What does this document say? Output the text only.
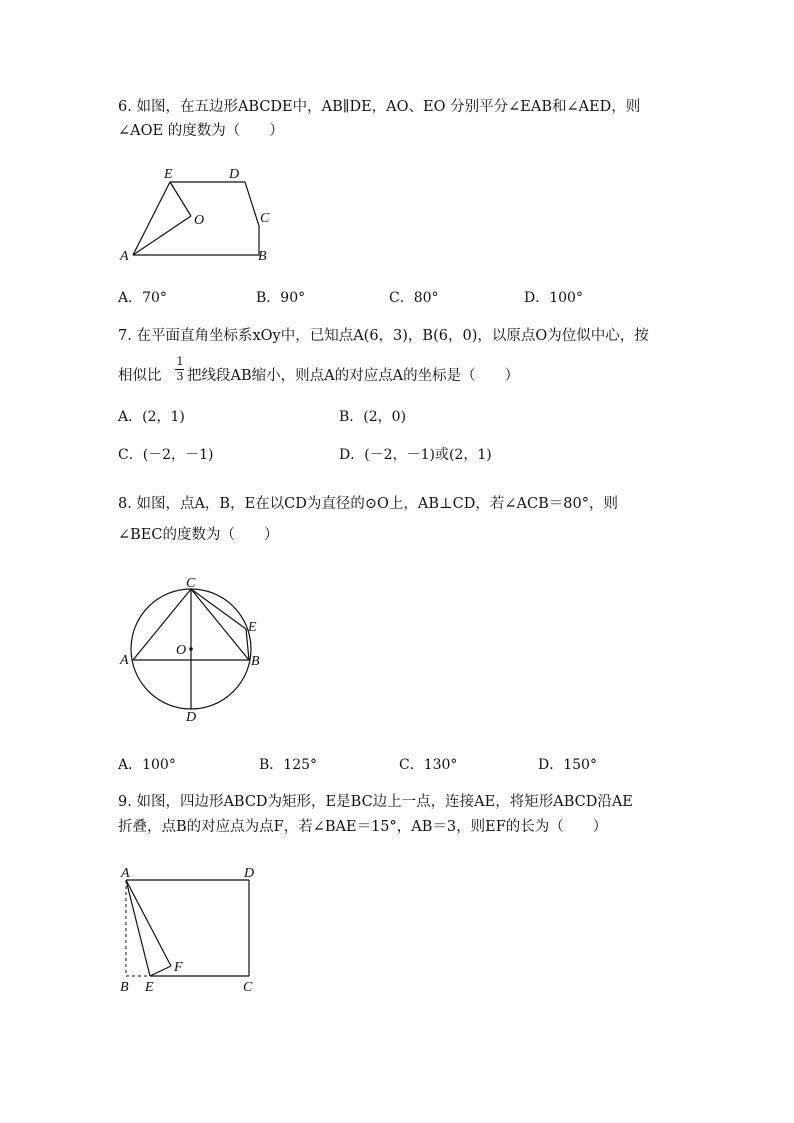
6. 如图，在五边形ABCDE中，AB∥DE，AO、EO 分别平分∠EAB和∠AED，则
∠AOE 的度数为（　　）
E	D
O	C
A	B
C
E
A
O
B
D
A	D
F
B E	C
A．70°	B．90°	C．80°	D．100°
7. 在平面直角坐标系xOy中，已知点A(6，3)，B(6，0)，以原点O为位似中心，按
相似比
1
3 把线段AB缩小，则点A的对应点A的坐标是（　　）
A．(2，1)	B．(2，0)
C．(－2，－1)	D．(－2，－1)或(2，1)
8. 如图，点A，B，E在以CD为直径的⊙O上，AB⊥CD，若∠ACB＝80°，则
∠BEC的度数为（　　）
A．100°	B．125°	C．130°	D．150°
9. 如图，四边形ABCD为矩形，E是BC边上一点，连接AE，将矩形ABCD沿AE
折叠，点B的对应点为点F，若∠BAE＝15°，AB＝3，则EF的长为（　　）
